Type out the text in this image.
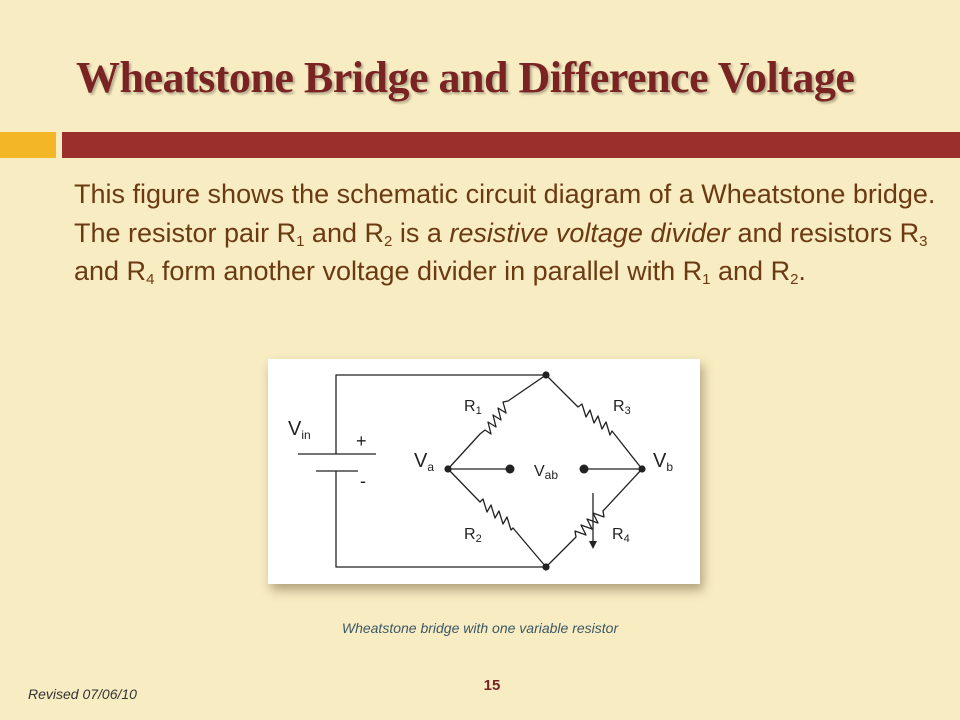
Wheatstone Bridge and Difference Voltage

This figure shows the schematic circuit diagram of a Wheatstone bridge. The resistor pair $R_1$ and $R_2$ is a resistive voltage divider and resistors $R_3$ and $R_4$ form another voltage divider in parallel with $R_1$ and $R_2$.

$V_{in}$	+
-
$V_a$	$V_b$
Vab
R1	R3
R2	R4
Wheatstone bridge with one variable resistor
Revised 07/06/10	15
